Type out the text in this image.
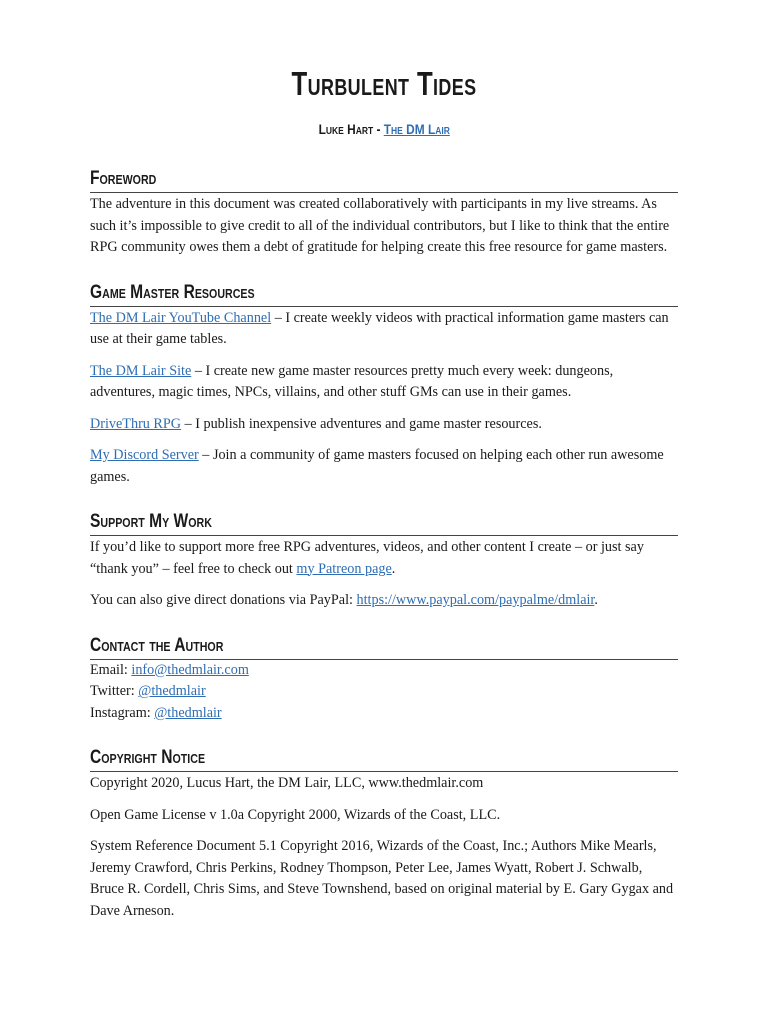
Turbulent Tides
Luke Hart - The DM Lair
Foreword

The adventure in this document was created collaboratively with participants in my live streams. As such it’s impossible to give credit to all of the individual contributors, but I like to think that the entire RPG community owes them a debt of gratitude for helping create this free resource for game masters.

Game Master Resources

The DM Lair YouTube Channel – I create weekly videos with practical information game masters can use at their game tables.

The DM Lair Site – I create new game master resources pretty much every week: dungeons, adventures, magic times, NPCs, villains, and other stuff GMs can use in their games.

DriveThru RPG – I publish inexpensive adventures and game master resources.

My Discord Server – Join a community of game masters focused on helping each other run awesome games.

Support My Work

If you’d like to support more free RPG adventures, videos, and other content I create – or just say “thank you” – feel free to check out my Patreon page.

You can also give direct donations via PayPal: https://www.paypal.com/paypalme/dmlair.

Contact the Author

Email: info@thedmlair.com

Twitter: @thedmlair

Instagram: @thedmlair

Copyright Notice

Copyright 2020, Lucus Hart, the DM Lair, LLC, www.thedmlair.com

Open Game License v 1.0a Copyright 2000, Wizards of the Coast, LLC.

System Reference Document 5.1 Copyright 2016, Wizards of the Coast, Inc.; Authors Mike Mearls, Jeremy Crawford, Chris Perkins, Rodney Thompson, Peter Lee, James Wyatt, Robert J. Schwalb, Bruce R. Cordell, Chris Sims, and Steve Townshend, based on original material by E. Gary Gygax and Dave Arneson.
